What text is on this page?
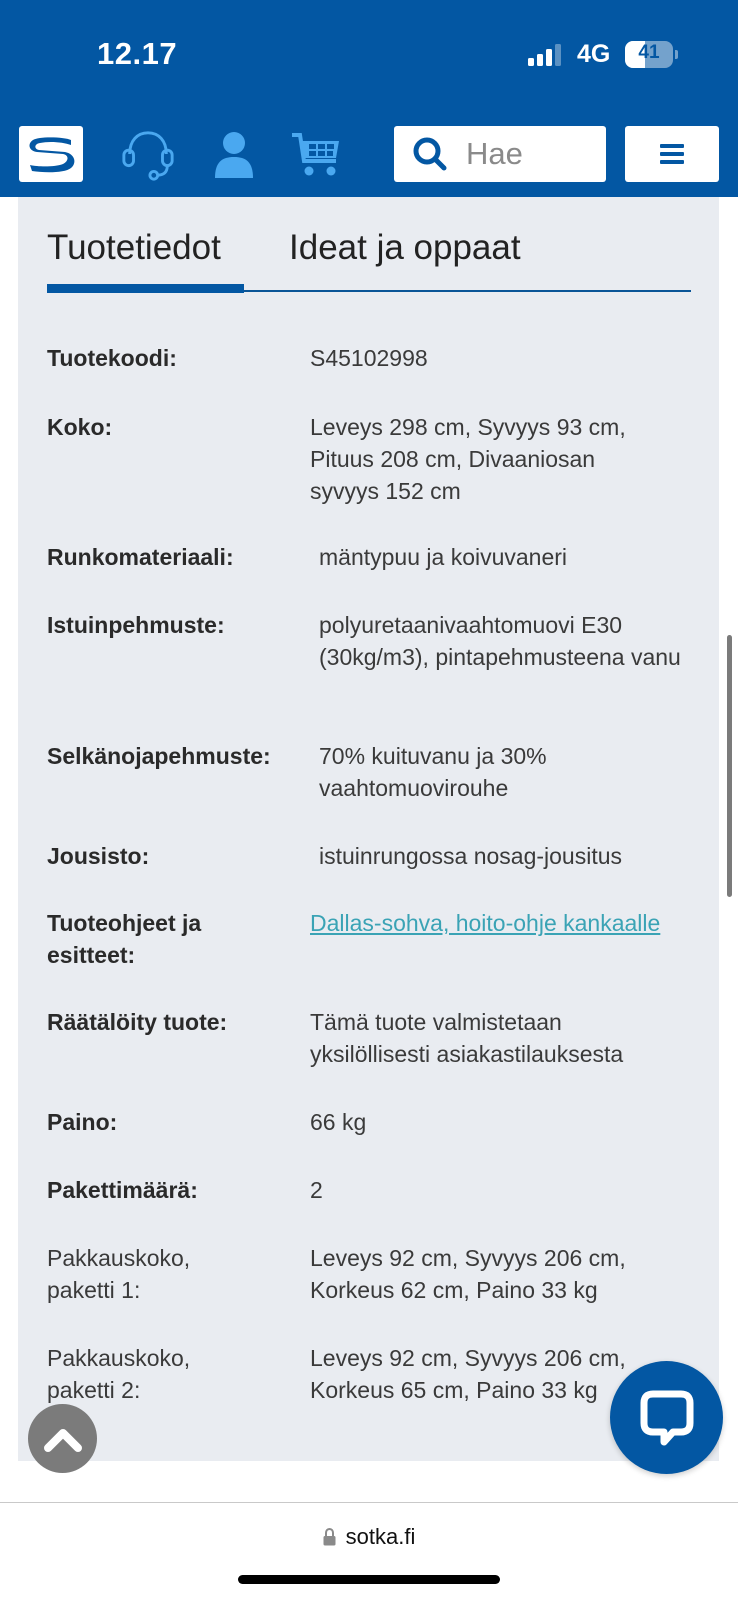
12.17	4G	41
Hae
Tuotetiedot Ideat ja oppaat
Tuotekoodi:	S45102998
Koko:	Leveys 298 cm, Syvyys 93 cm, Pituus 208 cm, Divaaniosan syvyys 152 cm
Runkomateriaali:	mäntypuu ja koivuvaneri
Istuinpehmuste:	polyuretaanivaahtomuovi E30 (30kg/m3), pintapehmusteena vanu
Selkänojapehmuste:	70% kuituvanu ja 30% vaahtomuovirouhe
Jousisto:	istuinrungossa nosag-jousitus
Tuoteohjeet ja esitteet:
Dallas-sohva, hoito-ohje kankaalle
Räätälöity tuote:	Tämä tuote valmistetaan yksilöllisesti asiakastilauksesta
Paino:	66 kg
Pakettimäärä:	2
Pakkauskoko, paketti 1:
Leveys 92 cm, Syvyys 206 cm, Korkeus 62 cm, Paino 33 kg
Pakkauskoko, paketti 2:
Leveys 92 cm, Syvyys 206 cm, Korkeus 65 cm, Paino 33 kg
sotka.fi
